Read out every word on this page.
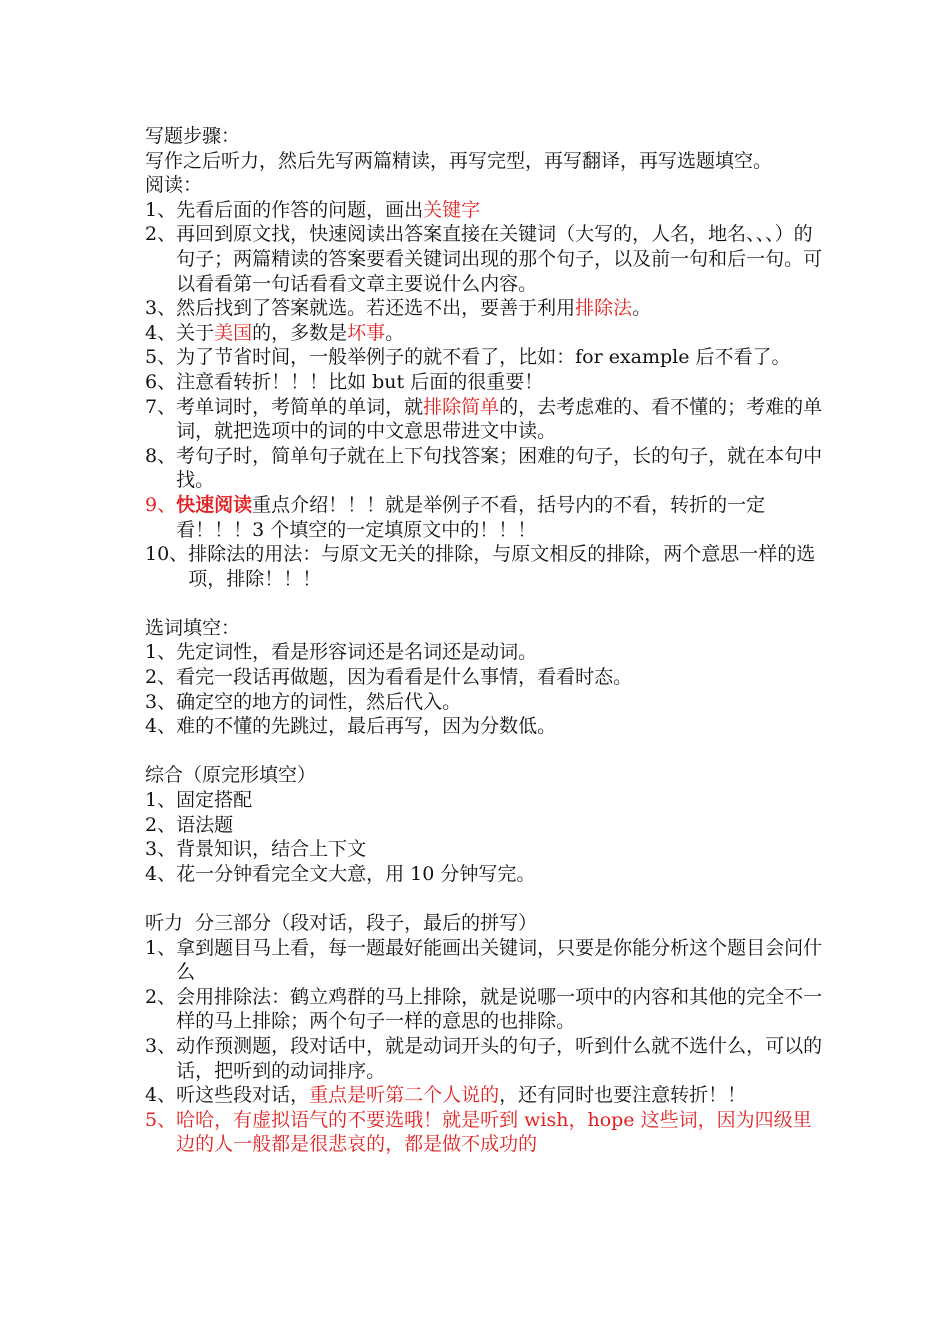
写题步骤：
写作之后听力，然后先写两篇精读，再写完型，再写翻译，再写选题填空。
阅读：
1、 先看后面的作答的问题，画出关键字
2、 再回到原文找，快速阅读出答案直接在关键词（大写的，人名，地名、、、）的句子；两篇精读的答案要看关键词出现的那个句子，以及前一句和后一句。可以看看第一句话看看文章主要说什么内容。
3、 然后找到了答案就选。若还选不出，要善于利用排除法。
4、 关于美国的，多数是坏事。
5、 为了节省时间，一般举例子的就不看了，比如：for example 后不看了。
6、 注意看转折！！！比如 but 后面的很重要！
7、 考单词时，考简单的单词，就排除简单的，去考虑难的、看不懂的；考难的单词，就把选项中的词的中文意思带进文中读。
8、 考句子时，简单句子就在上下句找答案；困难的句子，长的句子，就在本句中找。
9、 快速阅读重点介绍！！！就是举例子不看，括号内的不看，转折的一定看！！！3 个填空的一定填原文中的！！！
10、 排除法的用法：与原文无关的排除，与原文相反的排除，两个意思一样的选项，排除！！！
选词填空：
1、 先定词性，看是形容词还是名词还是动词。
2、 看完一段话再做题，因为看看是什么事情，看看时态。
3、 确定空的地方的词性，然后代入。
4、 难的不懂的先跳过，最后再写，因为分数低。
综合（原完形填空）
1、 固定搭配
2、 语法题
3、 背景知识，结合上下文
4、 花一分钟看完全文大意，用 10 分钟写完。
听力  分三部分（段对话，段子，最后的拼写）
1、 拿到题目马上看，每一题最好能画出关键词，只要是你能分析这个题目会问什么
2、 会用排除法：鹤立鸡群的马上排除，就是说哪一项中的内容和其他的完全不一样的马上排除；两个句子一样的意思的也排除。
3、 动作预测题，段对话中，就是动词开头的句子，听到什么就不选什么，可以的话，把听到的动词排序。
4、 听这些段对话，重点是听第二个人说的，还有同时也要注意转折！！
5、 哈哈，有虚拟语气的不要选哦！就是听到 wish，hope 这些词，因为四级里边的人一般都是很悲哀的，都是做不成功的
